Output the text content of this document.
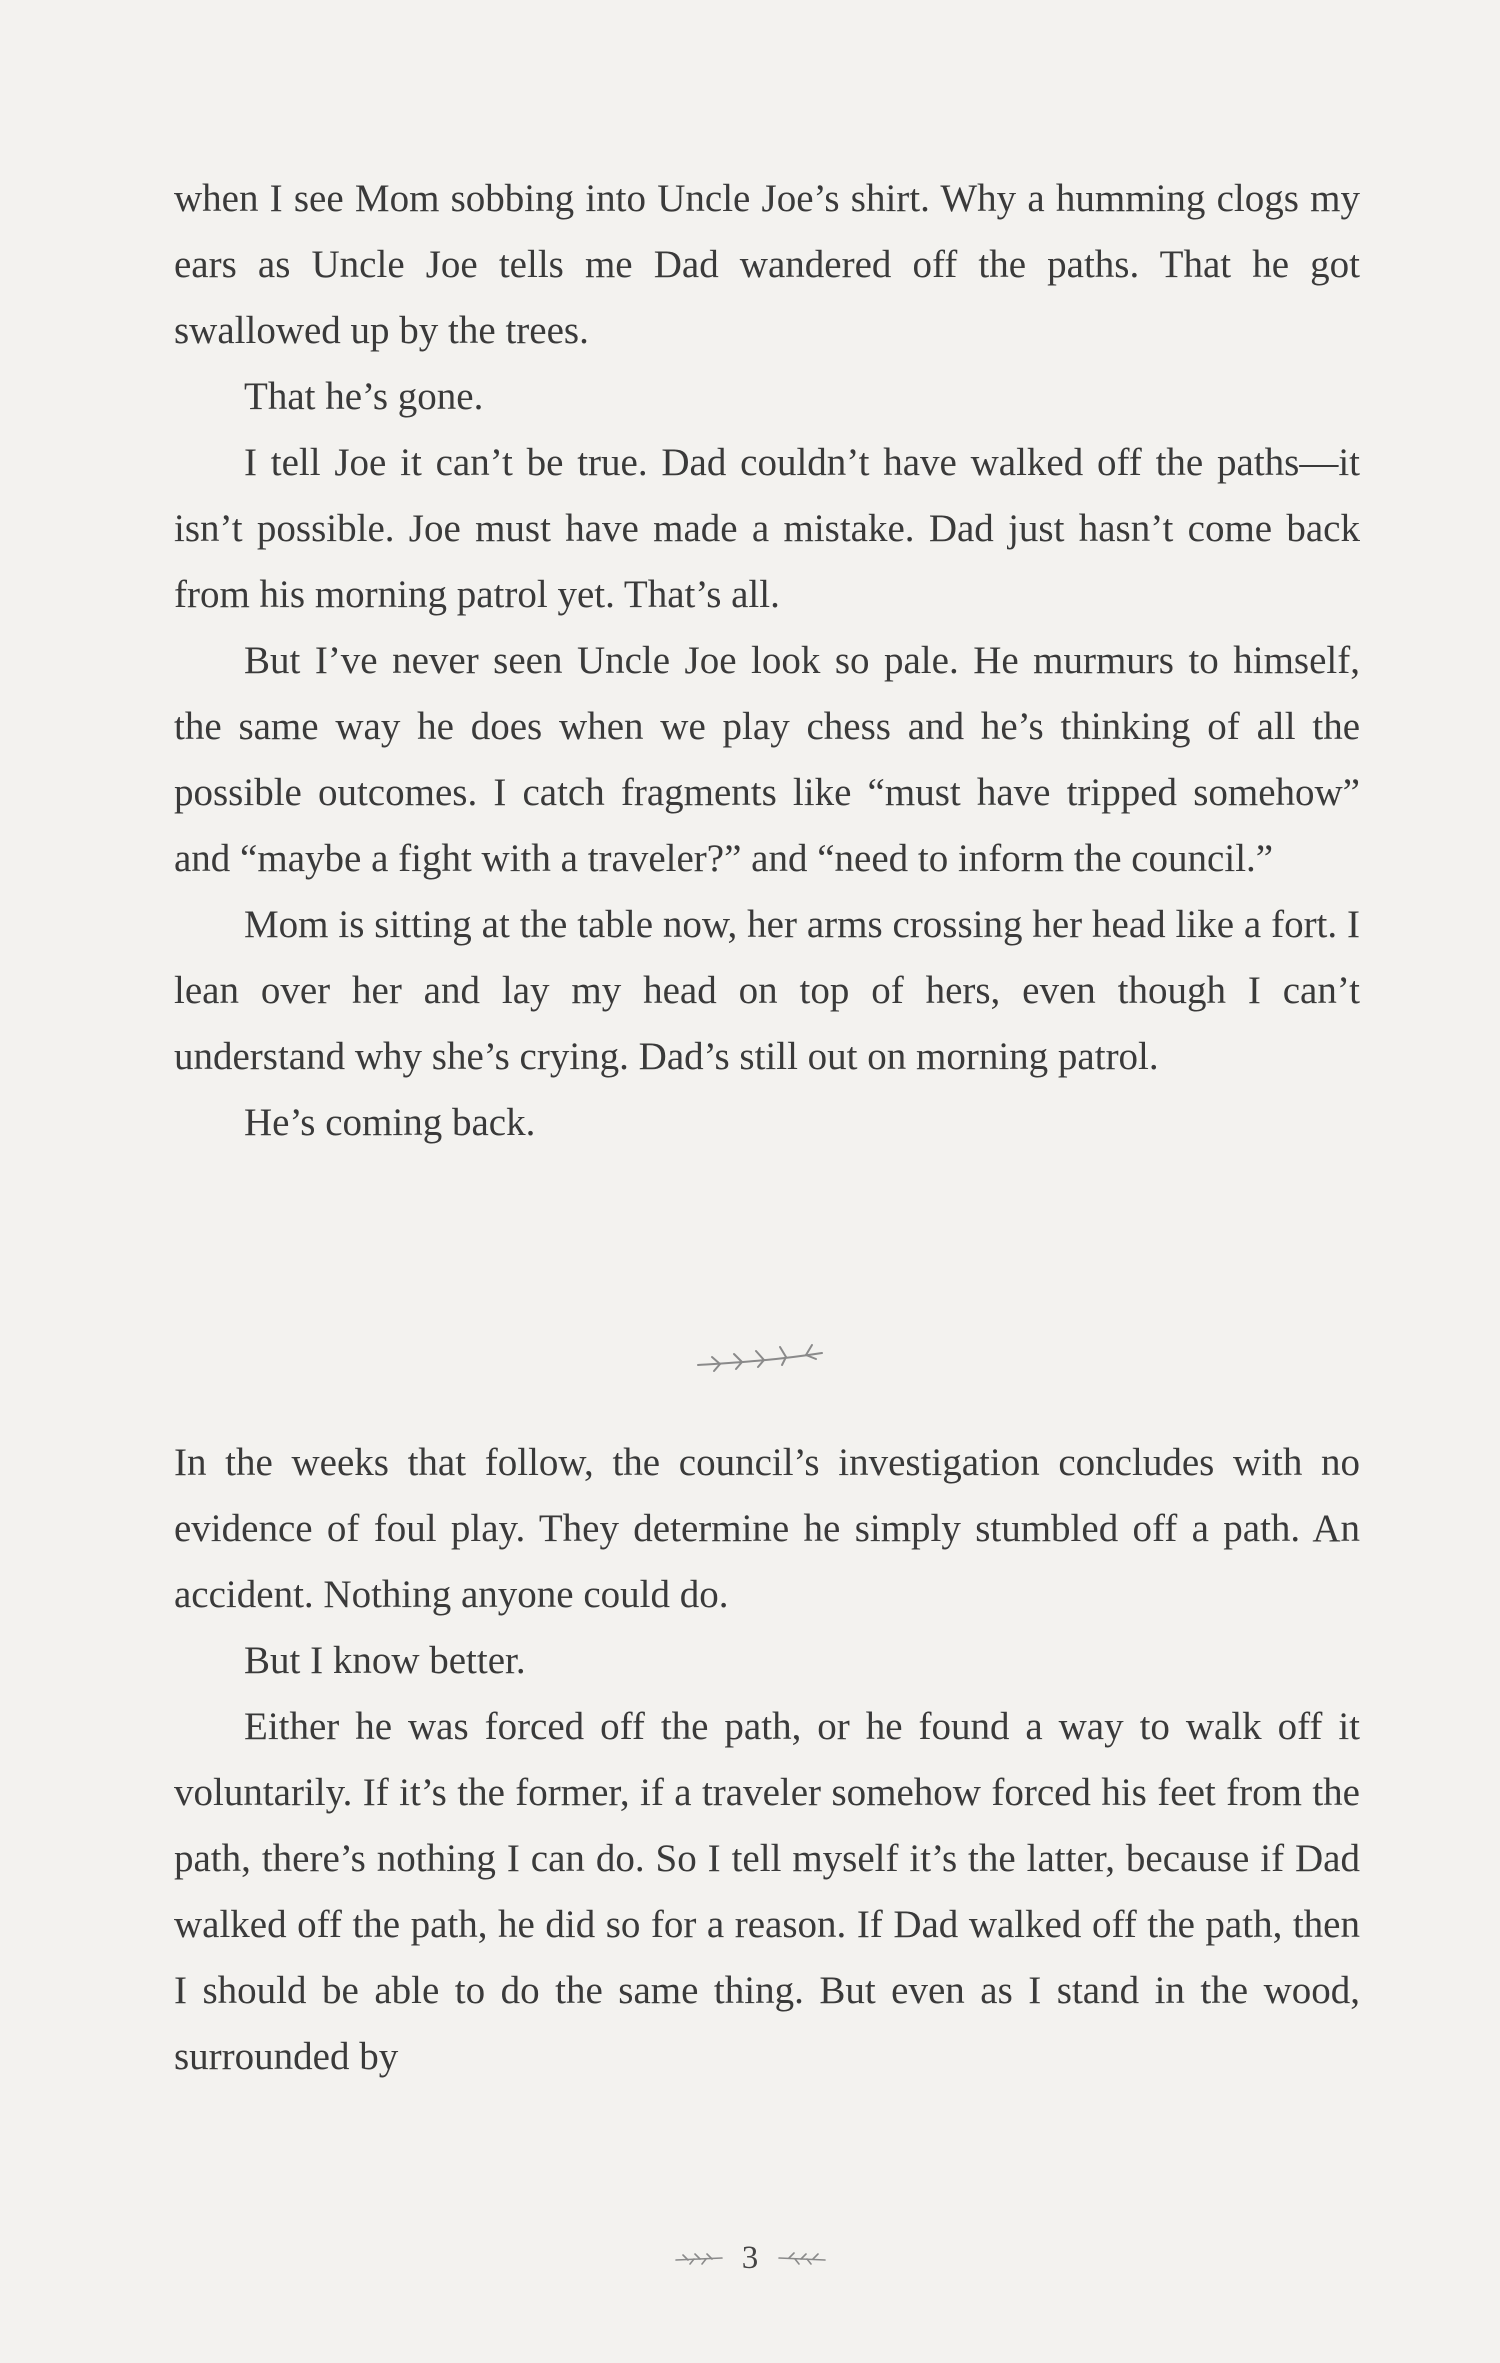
when I see Mom sobbing into Uncle Joe’s shirt. Why a humming clogs my ears as Uncle Joe tells me Dad wandered off the paths. That he got swallowed up by the trees.

That he’s gone.

I tell Joe it can’t be true. Dad couldn’t have walked off the paths—it isn’t possible. Joe must have made a mistake. Dad just hasn’t come back from his morning patrol yet. That’s all.

But I’ve never seen Uncle Joe look so pale. He murmurs to himself, the same way he does when we play chess and he’s thinking of all the possible outcomes. I catch fragments like “must have tripped somehow” and “maybe a fight with a traveler?” and “need to inform the council.”

Mom is sitting at the table now, her arms crossing her head like a fort. I lean over her and lay my head on top of hers, even though I can’t understand why she’s crying. Dad’s still out on morning patrol.

He’s coming back.

In the weeks that follow, the council’s investigation concludes with no evidence of foul play. They determine he simply stumbled off a path. An accident. Nothing anyone could do.

But I know better.

Either he was forced off the path, or he found a way to walk off it voluntarily. If it’s the former, if a traveler somehow forced his feet from the path, there’s nothing I can do. So I tell myself it’s the latter, because if Dad walked off the path, he did so for a reason. If Dad walked off the path, then I should be able to do the same thing. But even as I stand in the wood, surrounded by

3
